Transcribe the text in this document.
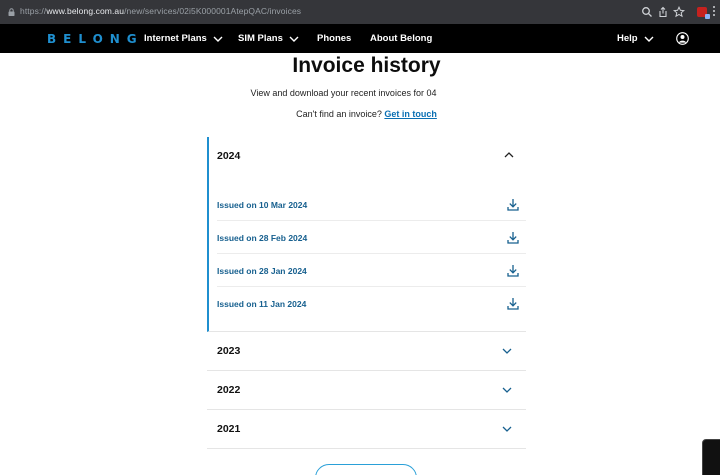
https://www.belong.com.au/new/services/02i5K000001AtepQAC/invoices
BELONG Internet Plans	SIM Plans	Phones About Belong	Help
Invoice history
View and download your recent invoices for 04
Can't find an invoice? Get in touch
2024
Issued on 10 Mar 2024
Issued on 28 Feb 2024
Issued on 28 Jan 2024
Issued on 11 Jan 2024
2023
2022
2021
